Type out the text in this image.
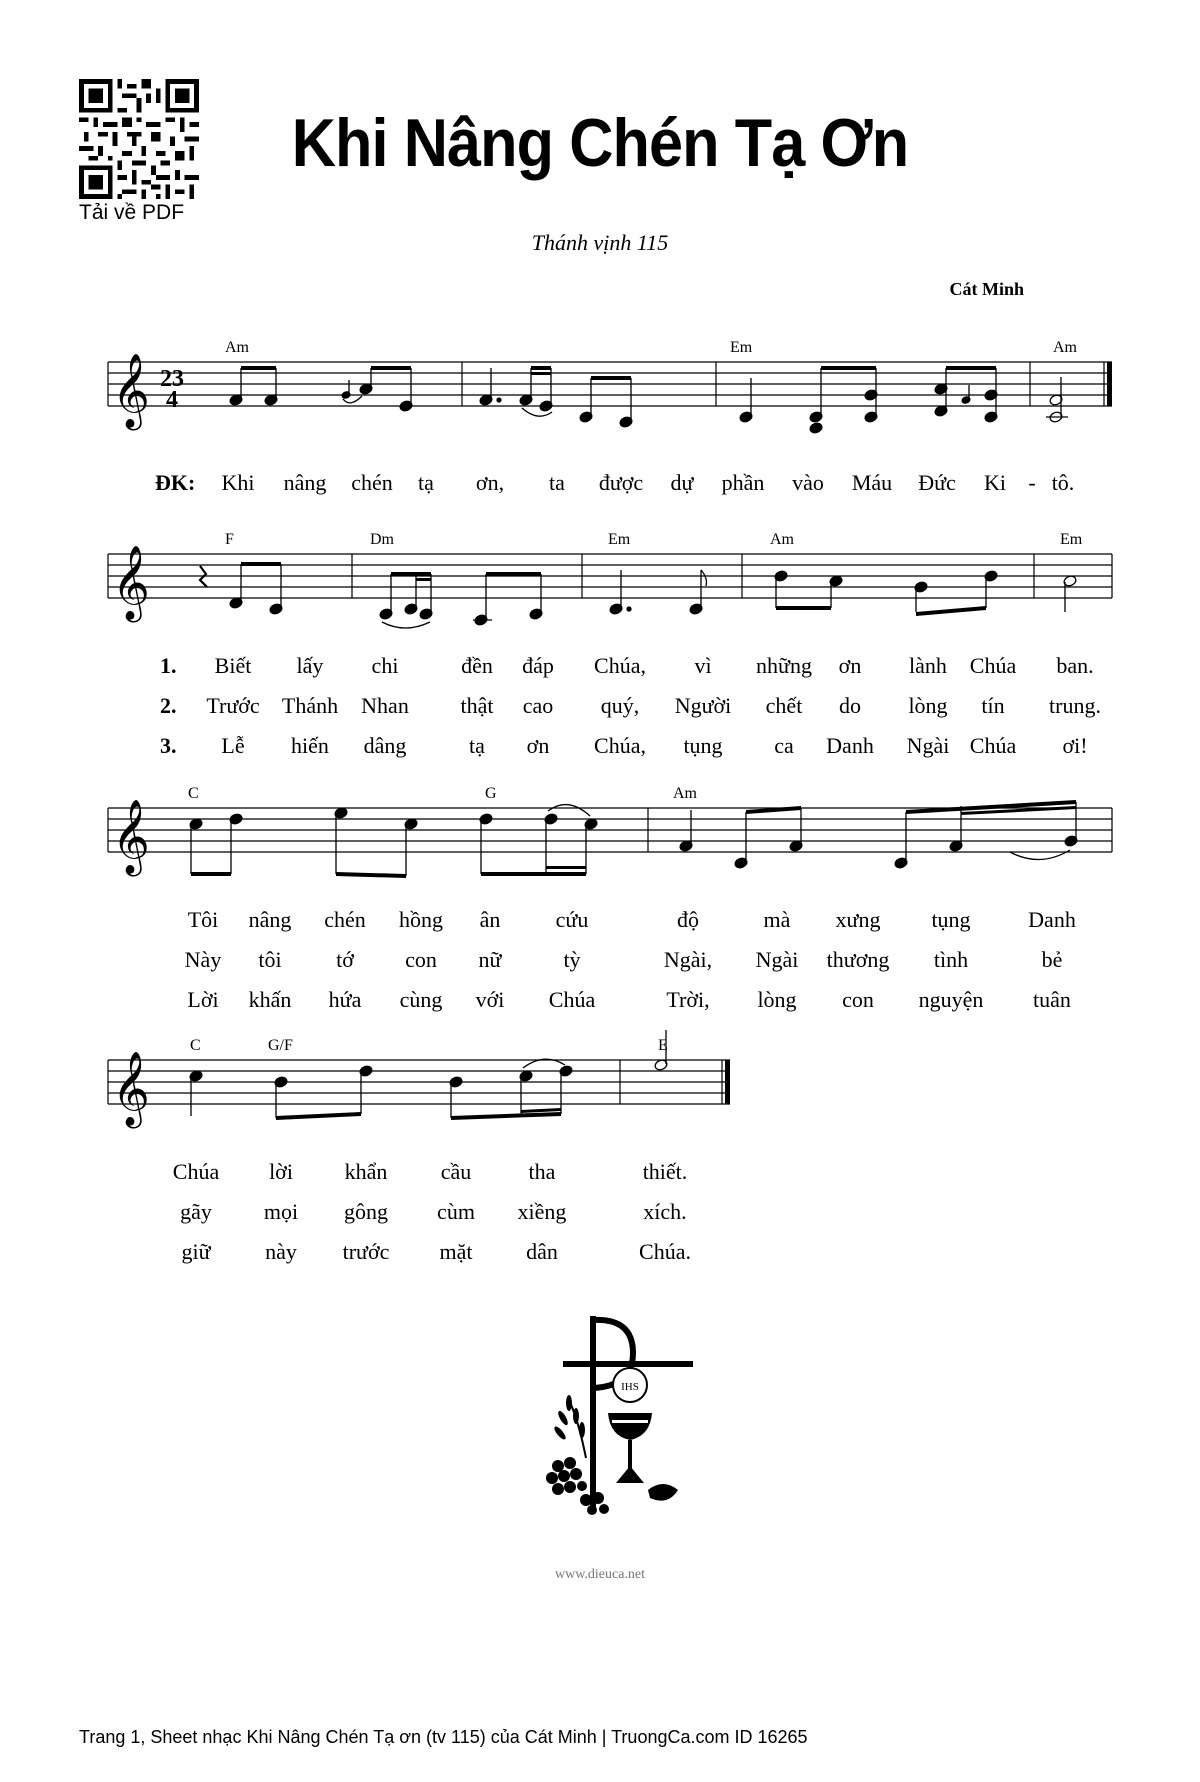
Tải về PDF
Khi Nâng Chén Tạ Ơn
Thánh vịnh 115
Cát Minh
𝄞 2 3
4
Am	Em	Am
ĐK: Khi nâng chén tạ ơn, ta được dự phần vào Máu Đức Ki - tô.
𝄞
F	Dm	Em	Am	Em
1. Biết lấy chi	đền đáp Chúa, vì những ơn lành Chúa ban.
2. Trước Thánh Nhan thật cao quý, Người chết do lòng tín trung.
3. Lễ hiến dâng	tạ ơn Chúa, tụng ca Danh Ngài Chúa ơi!
𝄞
C	G	Am
Tôi nâng chén hồng ân	cứu	độ	mà xưng tụng	Danh
Này tôi tớ con nữ	tỳ	Ngài, Ngài thương tình	bẻ
Lời khấn hứa cùng với Chúa	Trời, lòng con nguyện tuân
𝄞
C	G/F	E
Chúa lời khẩn cầu	tha	thiết.
gãy mọi gông cùm xiềng	xích.
giữ này trước mặt dân	Chúa.
IHS
www.dieuca.net
Trang 1, Sheet nhạc Khi Nâng Chén Tạ ơn (tv 115) của Cát Minh | TruongCa.com ID 16265
